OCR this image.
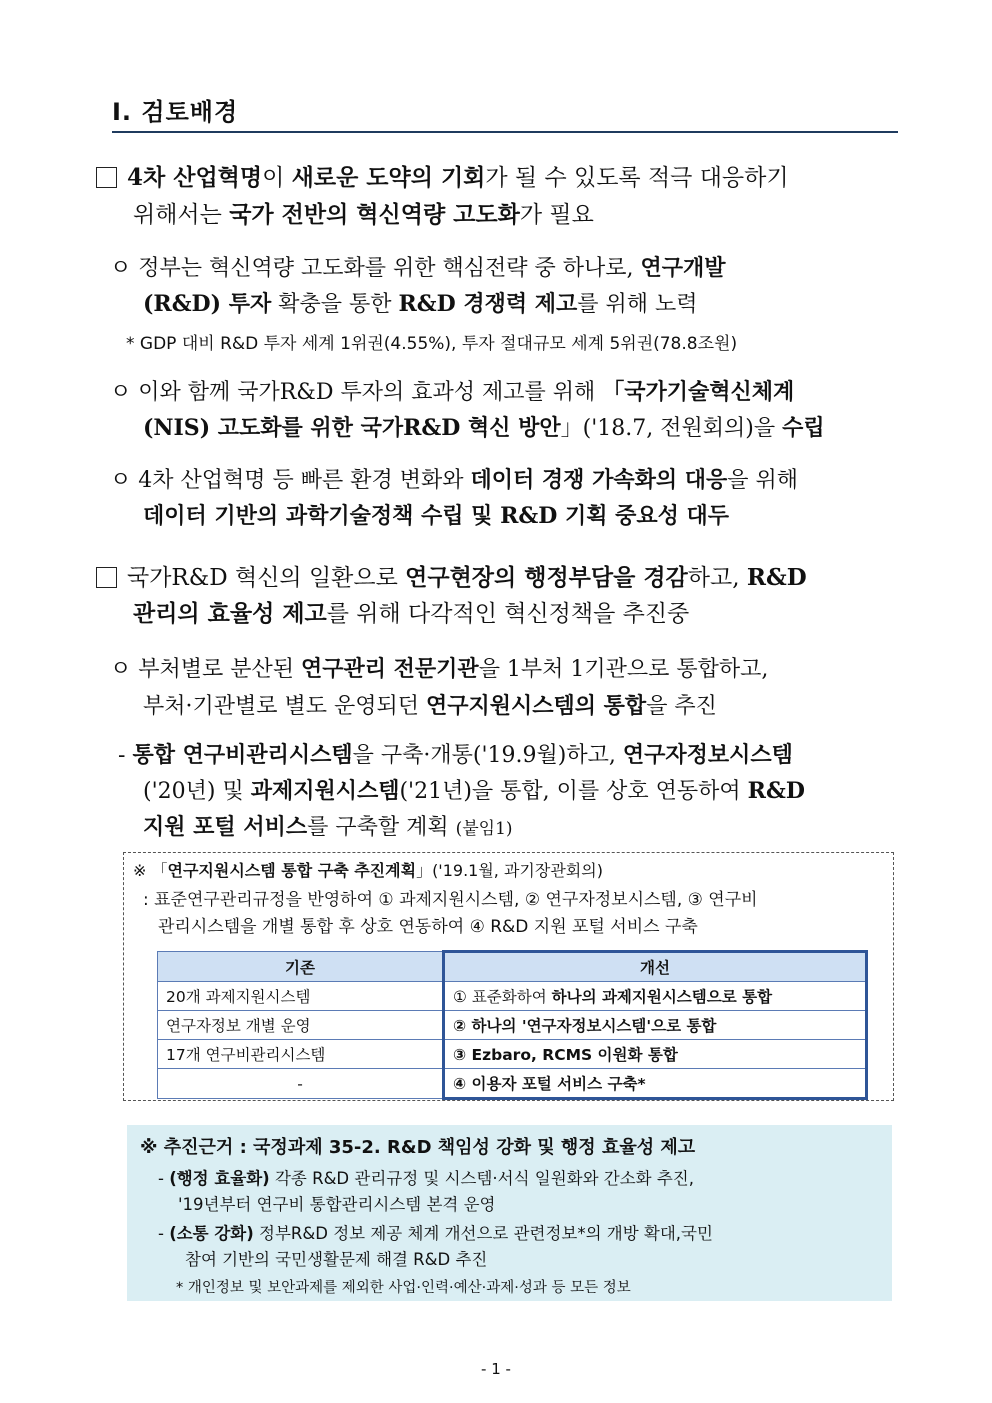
Ⅰ. 검토배경
4차 산업혁명이 새로운 도약의 기회가 될 수 있도록 적극 대응하기
위해서는 국가 전반의 혁신역량 고도화가 필요
ㅇ 정부는 혁신역량 고도화를 위한 핵심전략 중 하나로, 연구개발
(R&D) 투자 확충을 통한 R&D 경쟁력 제고를 위해 노력
* GDP 대비 R&D 투자 세계 1위권(4.55%), 투자 절대규모 세계 5위권(78.8조원)
ㅇ 이와 함께 국가R&D 투자의 효과성 제고를 위해 「국가기술혁신체계
(NIS) 고도화를 위한 국가R&D 혁신 방안」('18.7, 전원회의)을 수립
ㅇ 4차 산업혁명 등 빠른 환경 변화와 데이터 경쟁 가속화의 대응을 위해
데이터 기반의 과학기술정책 수립 및 R&D 기획 중요성 대두
국가R&D 혁신의 일환으로 연구현장의 행정부담을 경감하고, R&D
관리의 효율성 제고를 위해 다각적인 혁신정책을 추진중
ㅇ 부처별로 분산된 연구관리 전문기관을 1부처 1기관으로 통합하고,
부처·기관별로 별도 운영되던 연구지원시스템의 통합을 추진
- 통합 연구비관리시스템을 구축·개통('19.9월)하고, 연구자정보시스템
('20년) 및 과제지원시스템('21년)을 통합, 이를 상호 연동하여 R&D
지원 포털 서비스를 구축할 계획 (붙임1)
※ 「연구지원시스템 통합 구축 추진계획」('19.1월, 과기장관회의)
: 표준연구관리규정을 반영하여 ① 과제지원시스템, ② 연구자정보시스템, ③ 연구비
관리시스템을 개별 통합 후 상호 연동하여 ④ R&D 지원 포털 서비스 구축
기존	개선
20개 과제지원시스템	① 표준화하여 하나의 과제지원시스템으로 통합
연구자정보 개별 운영	② 하나의 '연구자정보시스템'으로 통합
17개 연구비관리시스템	③ Ezbaro, RCMS 이원화 통합
-	④ 이용자 포털 서비스 구축*
※ 추진근거 : 국정과제 35-2. R&D 책임성 강화 및 행정 효율성 제고
- (행정 효율화) 각종 R&D 관리규정 및 시스템·서식 일원화와 간소화 추진,
'19년부터 연구비 통합관리시스템 본격 운영
- (소통 강화) 정부R&D 정보 제공 체계 개선으로 관련정보*의 개방 확대,국민
참여 기반의 국민생활문제 해결 R&D 추진
* 개인정보 및 보안과제를 제외한 사업·인력·예산·과제·성과 등 모든 정보
- 1 -
